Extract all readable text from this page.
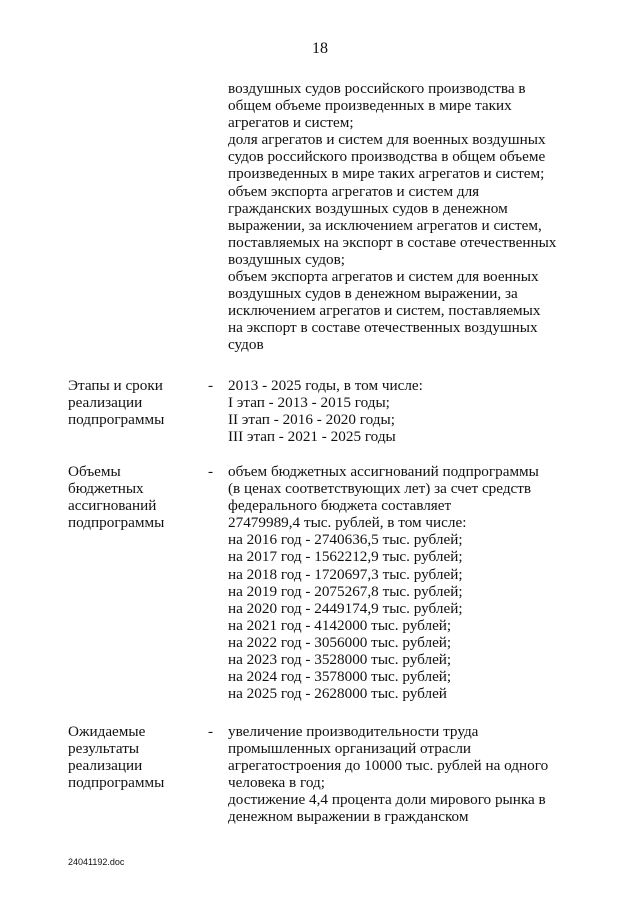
18
воздушных судов российского производства в
общем объеме произведенных в мире таких
агрегатов и систем;
доля агрегатов и систем для военных воздушных
судов российского производства в общем объеме
произведенных в мире таких агрегатов и систем;
объем экспорта агрегатов и систем для
гражданских воздушных судов в денежном
выражении, за исключением агрегатов и систем,
поставляемых на экспорт в составе отечественных
воздушных судов;
объем экспорта агрегатов и систем для военных
воздушных судов в денежном выражении, за
исключением агрегатов и систем, поставляемых
на экспорт в составе отечественных воздушных
судов
Этапы и сроки
реализации
подпрограммы
- 2013 - 2025 годы, в том числе:
I этап - 2013 - 2015 годы;
II этап - 2016 - 2020 годы;
III этап - 2021 - 2025 годы
Объемы
бюджетных
ассигнований
подпрограммы
- объем бюджетных ассигнований подпрограммы
(в ценах соответствующих лет) за счет средств
федерального бюджета составляет
27479989,4 тыс. рублей, в том числе:
на 2016 год - 2740636,5 тыс. рублей;
на 2017 год - 1562212,9 тыс. рублей;
на 2018 год - 1720697,3 тыс. рублей;
на 2019 год - 2075267,8 тыс. рублей;
на 2020 год - 2449174,9 тыс. рублей;
на 2021 год - 4142000 тыс. рублей;
на 2022 год - 3056000 тыс. рублей;
на 2023 год - 3528000 тыс. рублей;
на 2024 год - 3578000 тыс. рублей;
на 2025 год - 2628000 тыс. рублей
Ожидаемые
результаты
реализации
подпрограммы
- увеличение производительности труда
промышленных организаций отрасли
агрегатостроения до 10000 тыс. рублей на одного
человека в год;
достижение 4,4 процента доли мирового рынка в
денежном выражении в гражданском
24041192.doc
